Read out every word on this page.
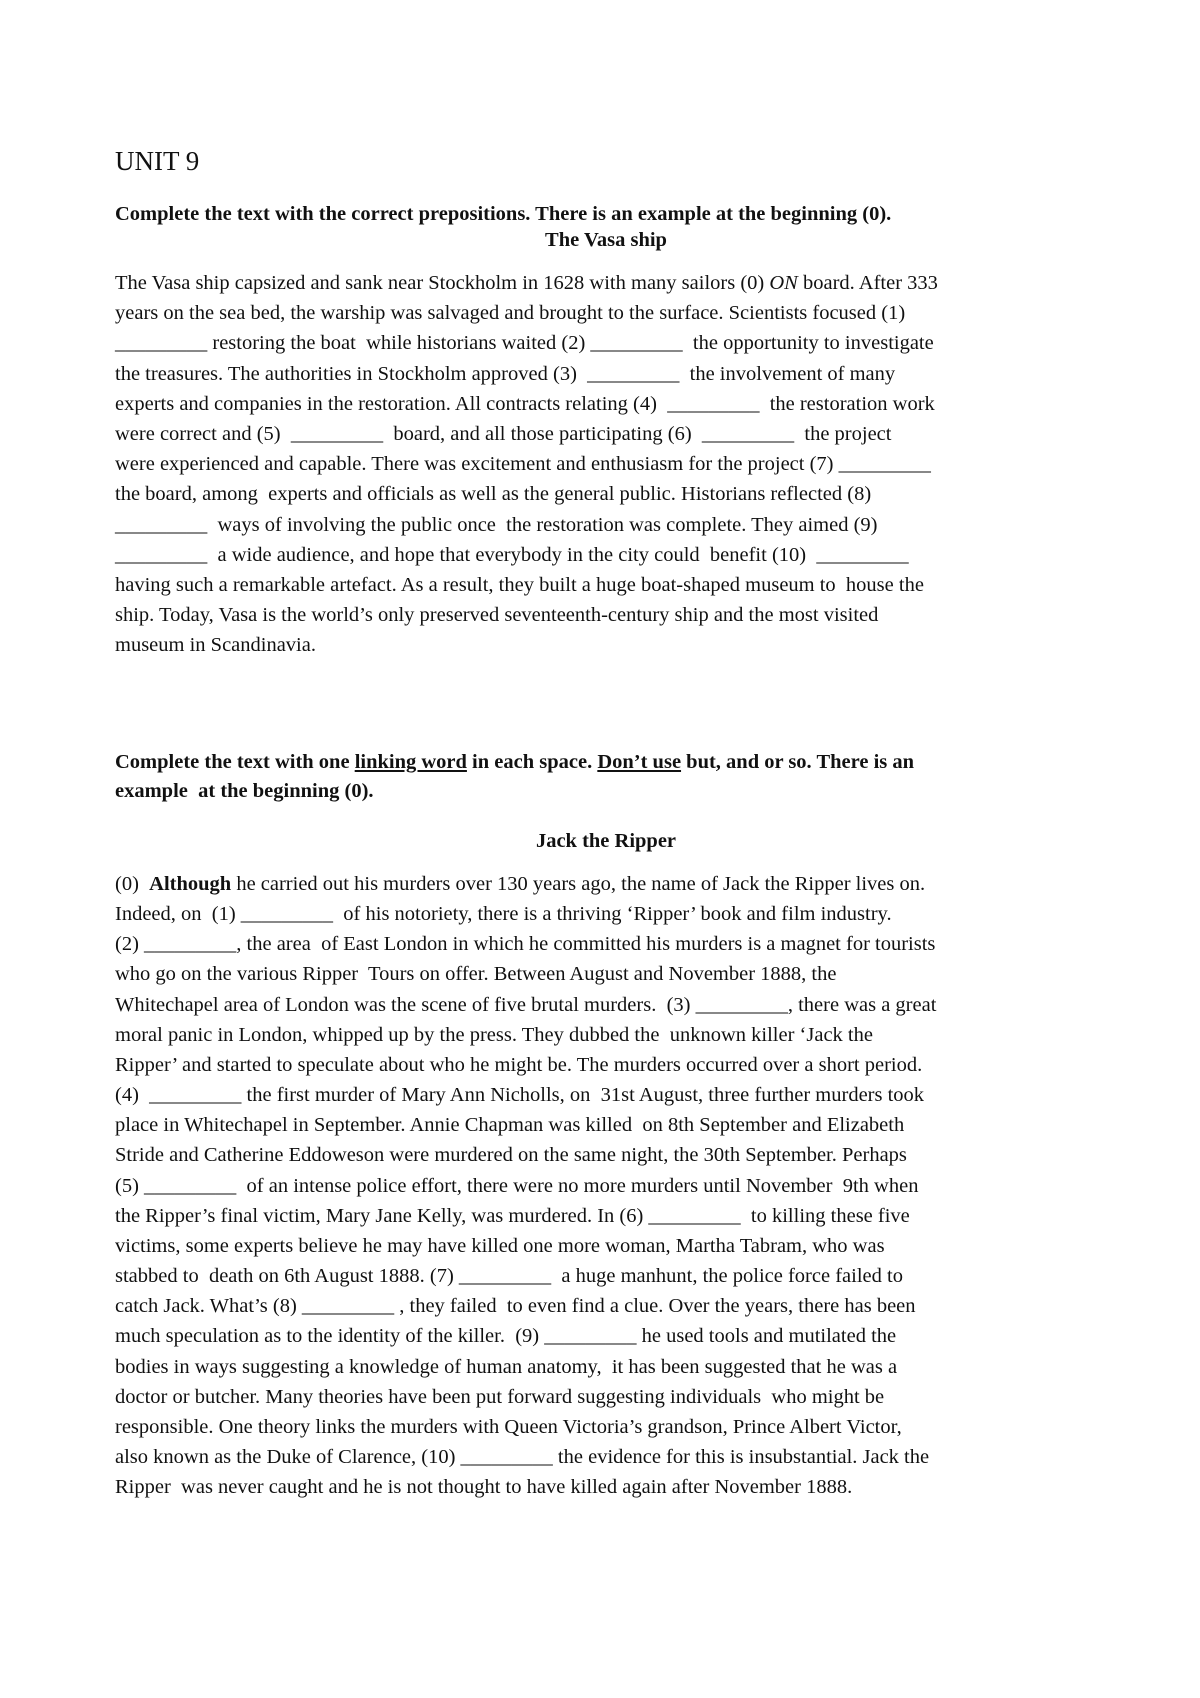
UNIT 9

Complete the text with the correct prepositions. There is an example at the beginning (0).

The Vasa ship

The Vasa ship capsized and sank near Stockholm in 1628 with many sailors (0) ON board. After 333
years on the sea bed, the warship was salvaged and brought to the surface. Scientists focused (1)
_________ restoring the boat  while historians waited (2) _________  the opportunity to investigate
the treasures. The authorities in Stockholm approved (3)  _________  the involvement of many
experts and companies in the restoration. All contracts relating (4)  _________  the restoration work
were correct and (5)  _________  board, and all those participating (6)  _________  the project
were experienced and capable. There was excitement and enthusiasm for the project (7) _________
the board, among  experts and officials as well as the general public. Historians reflected (8)
_________  ways of involving the public once  the restoration was complete. They aimed (9)
_________  a wide audience, and hope that everybody in the city could  benefit (10)  _________
having such a remarkable artefact. As a result, they built a huge boat-shaped museum to  house the
ship. Today, Vasa is the world’s only preserved seventeenth-century ship and the most visited
museum in Scandinavia.
Complete the text with one linking word in each space. Don’t use but, and or so. There is an
example  at the beginning (0).

Jack the Ripper

(0)  Although he carried out his murders over 130 years ago, the name of Jack the Ripper lives on.
Indeed, on  (1) _________  of his notoriety, there is a thriving ‘Ripper’ book and film industry.
(2) _________, the area  of East London in which he committed his murders is a magnet for tourists
who go on the various Ripper  Tours on offer. Between August and November 1888, the
Whitechapel area of London was the scene of five brutal murders.  (3) _________, there was a great
moral panic in London, whipped up by the press. They dubbed the  unknown killer ‘Jack the
Ripper’ and started to speculate about who he might be. The murders occurred over a short period.
(4)  _________ the first murder of Mary Ann Nicholls, on  31st August, three further murders took
place in Whitechapel in September. Annie Chapman was killed  on 8th September and Elizabeth
Stride and Catherine Eddoweson were murdered on the same night, the 30th September. Perhaps
(5) _________  of an intense police effort, there were no more murders until November  9th when
the Ripper’s final victim, Mary Jane Kelly, was murdered. In (6) _________  to killing these five
victims, some experts believe he may have killed one more woman, Martha Tabram, who was
stabbed to  death on 6th August 1888. (7) _________  a huge manhunt, the police force failed to
catch Jack. What’s (8) _________ , they failed  to even find a clue. Over the years, there has been
much speculation as to the identity of the killer.  (9) _________ he used tools and mutilated the
bodies in ways suggesting a knowledge of human anatomy,  it has been suggested that he was a
doctor or butcher. Many theories have been put forward suggesting individuals  who might be
responsible. One theory links the murders with Queen Victoria’s grandson, Prince Albert Victor,
also known as the Duke of Clarence, (10) _________ the evidence for this is insubstantial. Jack the
Ripper  was never caught and he is not thought to have killed again after November 1888.
